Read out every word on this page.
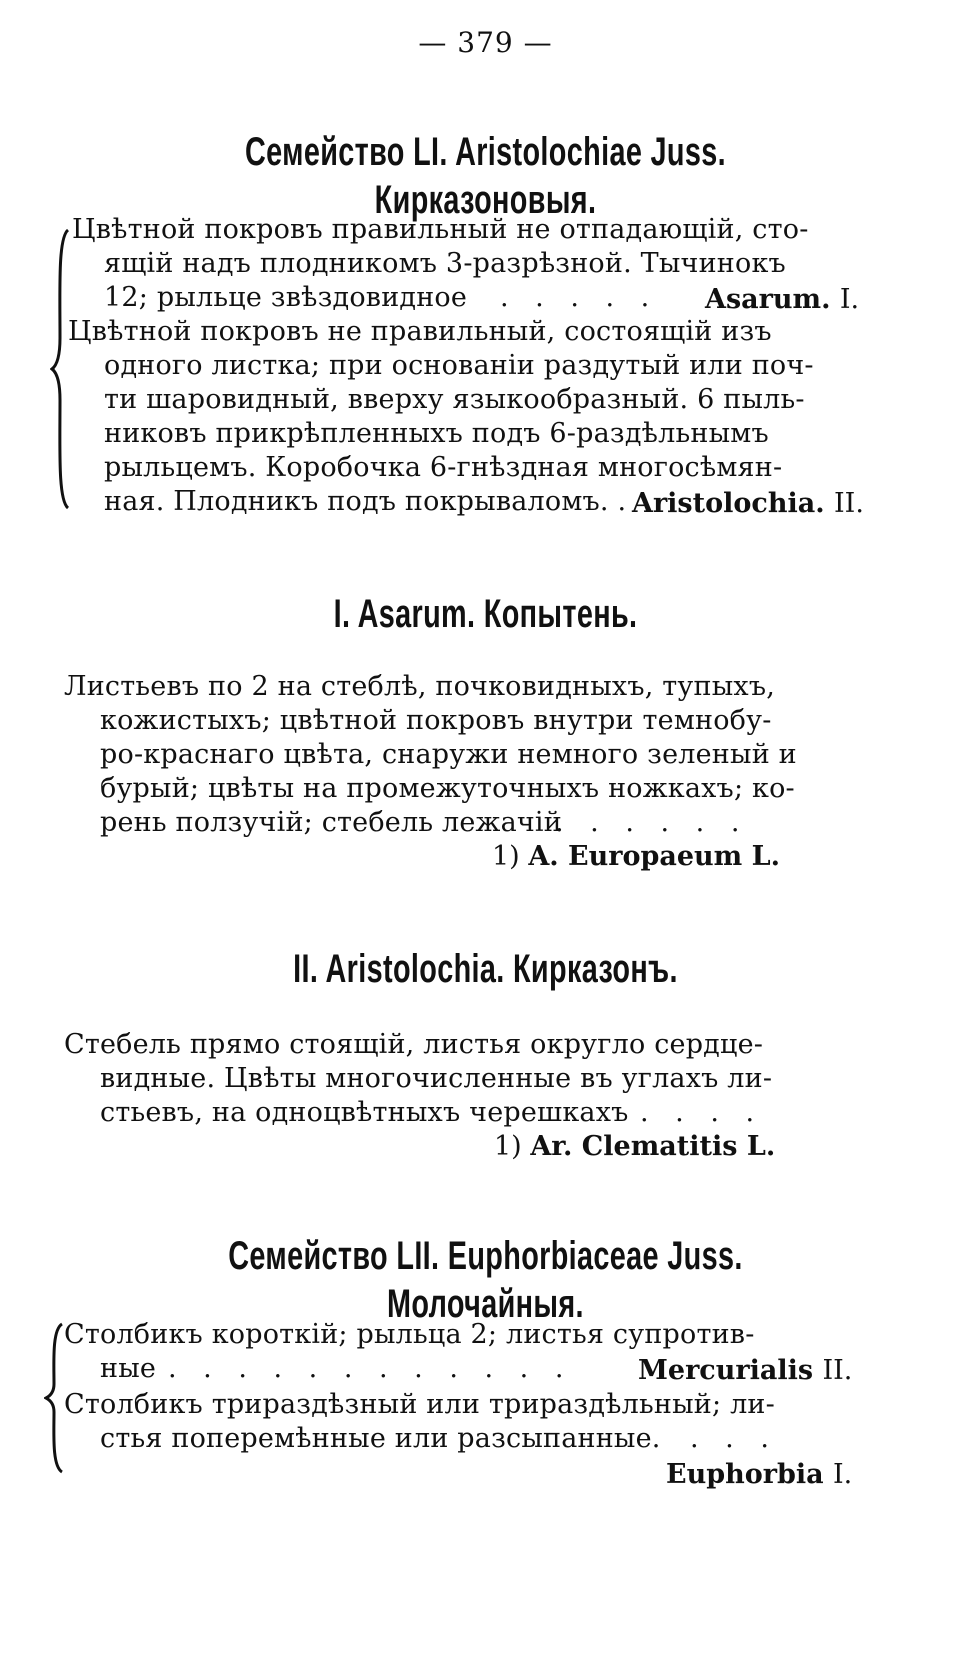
— 379 —
Семейство LI. Aristolochiae Juss. Кирказоновыя.
Цвѣтной покровъ правильный не отпадающій, сто-
ящій надъ плодникомъ 3-разрѣзной. Тычинокъ
12; рыльце звѣздовидное . . . . . Asarum. I.
Цвѣтной покровъ не правильный, состоящій изъ
одного листка; при основаніи раздутый или поч-
ти шаровидный, вверху языкообразный. 6 пыль-
никовъ прикрѣпленныхъ подъ 6-раздѣльнымъ
рыльцемъ. Коробочка 6-гнѣздная многосѣмян-
ная. Плодникъ подъ покрываломъ. . Aristolochia. II.
I. Asarum. Копытень.
Листьевъ по 2 на стеблѣ, почковидныхъ, тупыхъ,
кожистыхъ; цвѣтной покровъ внутри темнобу-
ро-краснаго цвѣта, снаружи немного зеленый и
бурый; цвѣты на промежуточныхъ ножкахъ; ко-
рень ползучій; стебель лежачій
. . . . . .
1) A. Europaeum L.
II. Aristolochia. Кирказонъ.
Стебель прямо стоящій, листья округло сердце-
видные. Цвѣты многочисленные въ углахъ ли-
стьевъ, на одноцвѣтныхъ черешкахъ . . . .
1) Ar. Clematitis L.
Семейство LII. Euphorbiaceae Juss. Молочайныя.
Столбикъ короткій; рыльца 2; листья супротив-
ные . . . . . . . . . . . . Mercurialis II.
Столбикъ трираздѣзный или трираздѣльный; ли-
стья поперемѣнные или разсыпанные. . . .
Euphorbia I.
